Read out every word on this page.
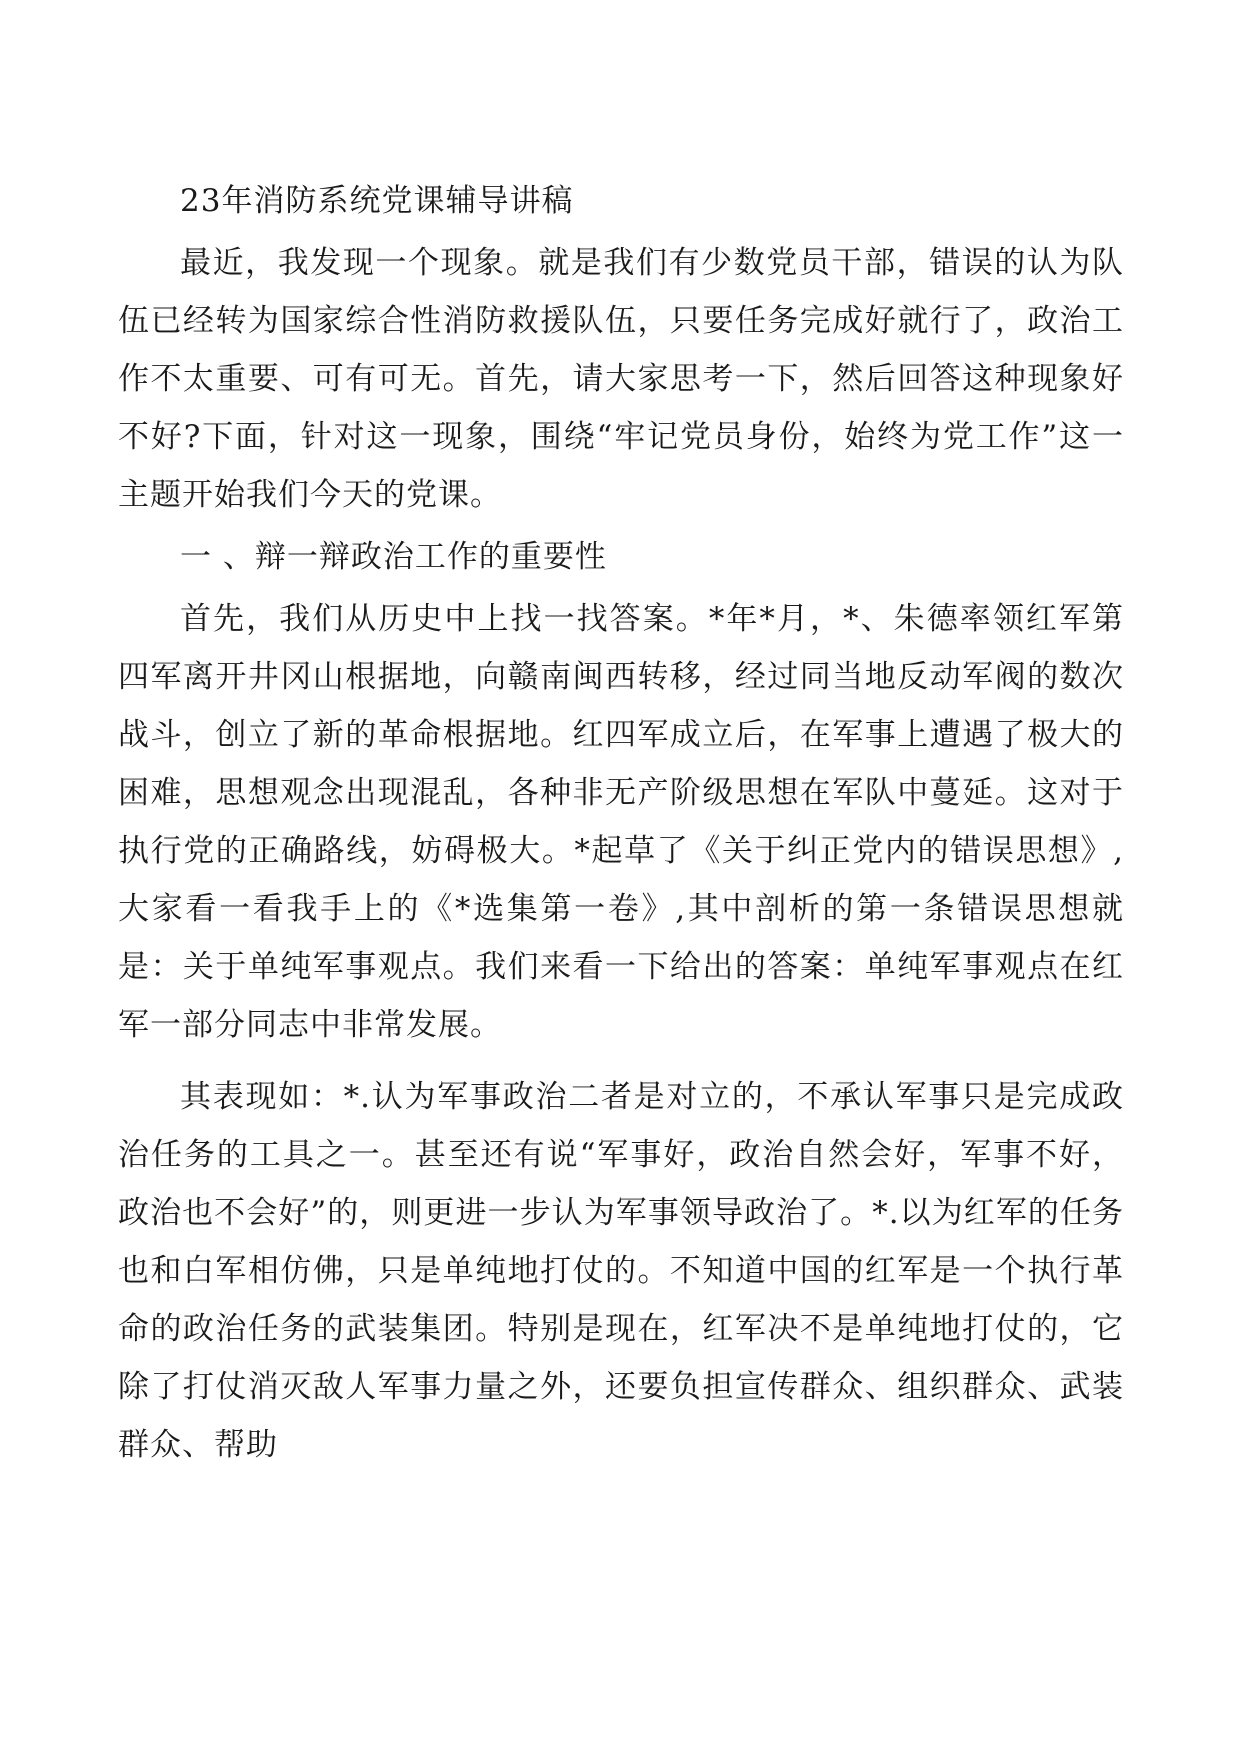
23年消防系统党课辅导讲稿

最近，我发现一个现象。就是我们有少数党员干部，错误的认为队伍已经转为国家综合性消防救援队伍，只要任务完成好就行了，政治工作不太重要、可有可无。首先，请大家思考一下，然后回答这种现象好不好?下面，针对这一现象，围绕“牢记党员身份，始终为党工作”这一主题开始我们今天的党课。

一 、辩一辩政治工作的重要性

首先，我们从历史中上找一找答案。*年*月，*、朱德率领红军第四军离开井冈山根据地，向赣南闽西转移，经过同当地反动军阀的数次战斗，创立了新的革命根据地。红四军成立后，在军事上遭遇了极大的困难，思想观念出现混乱，各种非无产阶级思想在军队中蔓延。这对于执行党的正确路线，妨碍极大。*起草了《关于纠正党内的错误思想》,大家看一看我手上的《*选集第一卷》,其中剖析的第一条错误思想就是：关于单纯军事观点。我们来看一下给出的答案：单纯军事观点在红军一部分同志中非常发展。

其表现如：*.认为军事政治二者是对立的，不承认军事只是完成政治任务的工具之一。甚至还有说“军事好，政治自然会好，军事不好，政治也不会好”的，则更进一步认为军事领导政治了。*.以为红军的任务也和白军相仿佛，只是单纯地打仗的。不知道中国的红军是一个执行革命的政治任务的武装集团。特别是现在，红军决不是单纯地打仗的，它除了打仗消灭敌人军事力量之外，还要负担宣传群众、组织群众、武装群众、帮助
